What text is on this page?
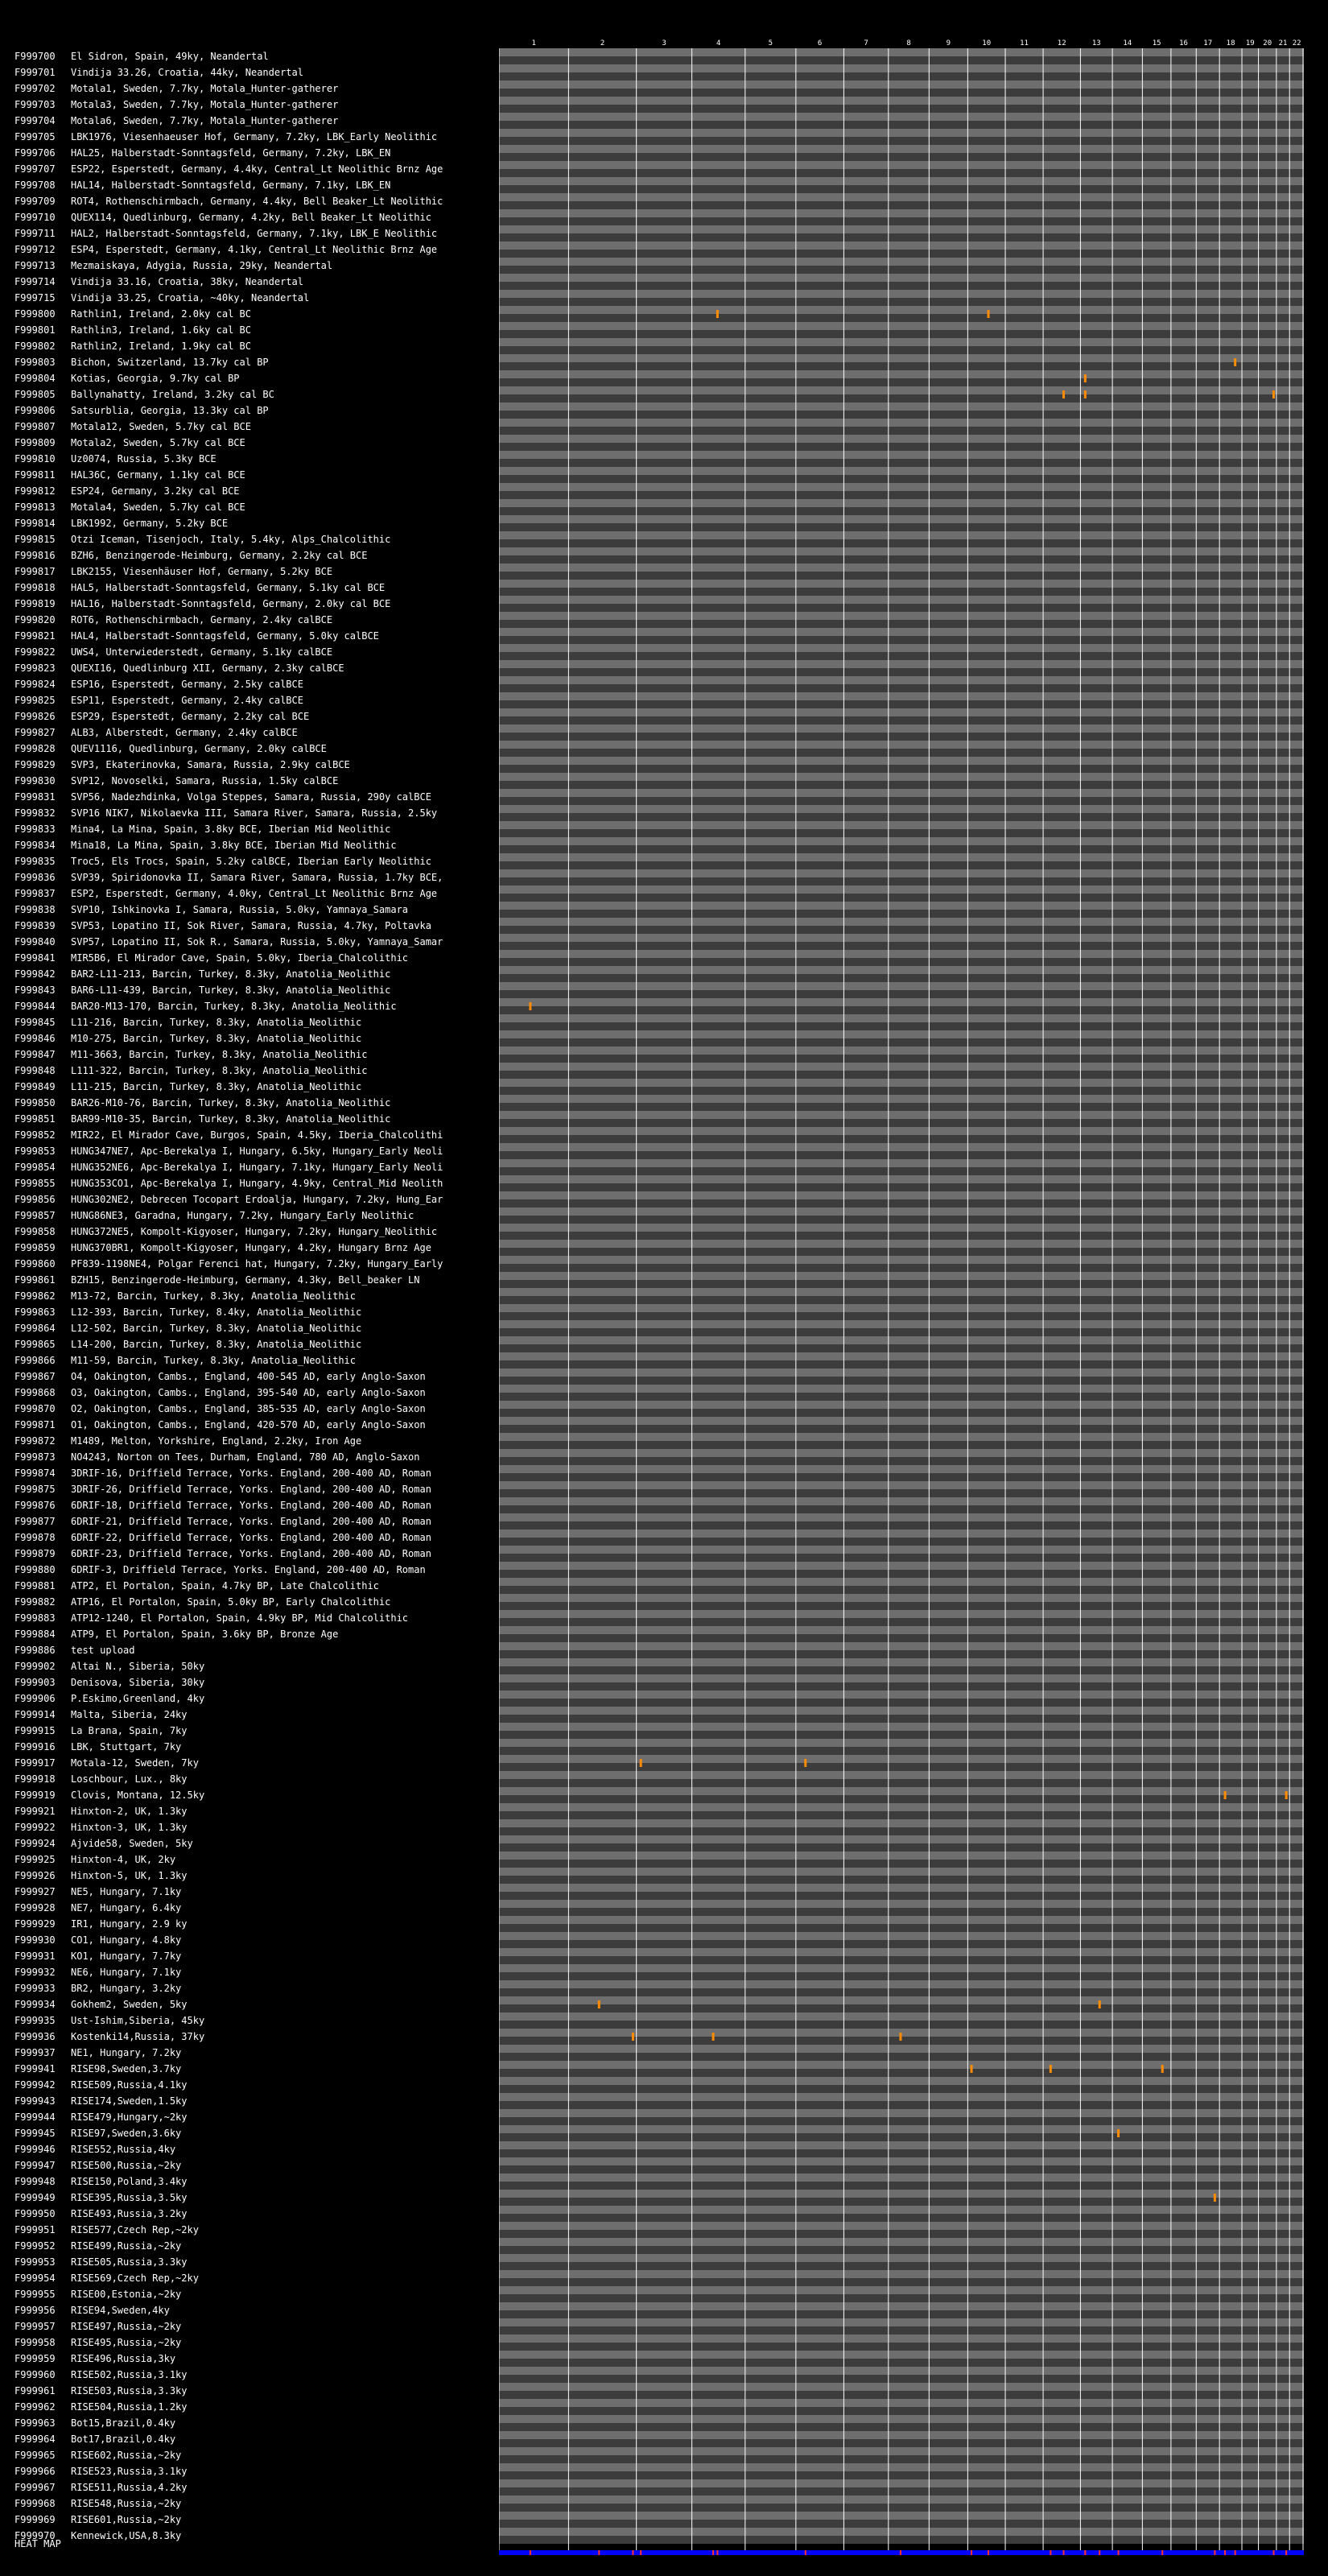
F999700 El Sidron, Spain, 49ky, Neandertal
F999701 Vindija 33.26, Croatia, 44ky, Neandertal
F999702 Motala1, Sweden, 7.7ky, Motala_Hunter-gatherer
F999703 Motala3, Sweden, 7.7ky, Motala_Hunter-gatherer
F999704 Motala6, Sweden, 7.7ky, Motala_Hunter-gatherer
F999705 LBK1976, Viesenhaeuser Hof, Germany, 7.2ky, LBK_Early Neolithic
F999706 HAL25, Halberstadt-Sonntagsfeld, Germany, 7.2ky, LBK_EN
F999707 ESP22, Esperstedt, Germany, 4.4ky, Central_Lt Neolithic Brnz Age
F999708 HAL14, Halberstadt-Sonntagsfeld, Germany, 7.1ky, LBK_EN
F999709 ROT4, Rothenschirmbach, Germany, 4.4ky, Bell Beaker_Lt Neolithic
F999710 QUEX114, Quedlinburg, Germany, 4.2ky, Bell Beaker_Lt Neolithic
F999711 HAL2, Halberstadt-Sonntagsfeld, Germany, 7.1ky, LBK_E Neolithic
F999712 ESP4, Esperstedt, Germany, 4.1ky, Central_Lt Neolithic Brnz Age
F999713 Mezmaiskaya, Adygia, Russia, 29ky, Neandertal
F999714 Vindija 33.16, Croatia, 38ky, Neandertal
F999715 Vindija 33.25, Croatia, ~40ky, Neandertal
F999800 Rathlin1, Ireland, 2.0ky cal BC
F999801 Rathlin3, Ireland, 1.6ky cal BC
F999802 Rathlin2, Ireland, 1.9ky cal BC
F999803 Bichon, Switzerland, 13.7ky cal BP
F999804 Kotias, Georgia, 9.7ky cal BP
F999805 Ballynahatty, Ireland, 3.2ky cal BC
F999806 Satsurblia, Georgia, 13.3ky cal BP
F999807 Motala12, Sweden, 5.7ky cal BCE
F999809 Motala2, Sweden, 5.7ky cal BCE
F999810 Uz0074, Russia, 5.3ky BCE
F999811 HAL36C, Germany, 1.1ky cal BCE
F999812 ESP24, Germany, 3.2ky cal BCE
F999813 Motala4, Sweden, 5.7ky cal BCE
F999814 LBK1992, Germany, 5.2ky BCE
F999815 Otzi Iceman, Tisenjoch, Italy, 5.4ky, Alps_Chalcolithic
F999816 BZH6, Benzingerode-Heimburg, Germany, 2.2ky cal BCE
F999817 LBK2155, Viesenhäuser Hof, Germany, 5.2ky BCE
F999818 HAL5, Halberstadt-Sonntagsfeld, Germany, 5.1ky cal BCE
F999819 HAL16, Halberstadt-Sonntagsfeld, Germany, 2.0ky cal BCE
F999820 ROT6, Rothenschirmbach, Germany, 2.4ky calBCE
F999821 HAL4, Halberstadt-Sonntagsfeld, Germany, 5.0ky calBCE
F999822 UWS4, Unterwiederstedt, Germany, 5.1ky calBCE
F999823 QUEXI16, Quedlinburg XII, Germany, 2.3ky calBCE
F999824 ESP16, Esperstedt, Germany, 2.5ky calBCE
F999825 ESP11, Esperstedt, Germany, 2.4ky calBCE
F999826 ESP29, Esperstedt, Germany, 2.2ky cal BCE
F999827 ALB3, Alberstedt, Germany, 2.4ky calBCE
F999828 QUEV1116, Quedlinburg, Germany, 2.0ky calBCE
F999829 SVP3, Ekaterinovka, Samara, Russia, 2.9ky calBCE
F999830 SVP12, Novoselki, Samara, Russia, 1.5ky calBCE
F999831 SVP56, Nadezhdinka, Volga Steppes, Samara, Russia, 290y calBCE
F999832 SVP16 NIK7, Nikolaevka III, Samara River, Samara, Russia, 2.5ky
F999833 Mina4, La Mina, Spain, 3.8ky BCE, Iberian Mid Neolithic
F999834 Mina18, La Mina, Spain, 3.8ky BCE, Iberian Mid Neolithic
F999835 Troc5, Els Trocs, Spain, 5.2ky calBCE, Iberian Early Neolithic
F999836 SVP39, Spiridonovka II, Samara River, Samara, Russia, 1.7ky BCE,
F999837 ESP2, Esperstedt, Germany, 4.0ky, Central_Lt Neolithic Brnz Age
F999838 SVP10, Ishkinovka I, Samara, Russia, 5.0ky, Yamnaya_Samara
F999839 SVP53, Lopatino II, Sok River, Samara, Russia, 4.7ky, Poltavka
F999840 SVP57, Lopatino II, Sok R., Samara, Russia, 5.0ky, Yamnaya_Samar
F999841 MIR5B6, El Mirador Cave, Spain, 5.0ky, Iberia_Chalcolithic
F999842 BAR2-L11-213, Barcin, Turkey, 8.3ky, Anatolia_Neolithic
F999843 BAR6-L11-439, Barcin, Turkey, 8.3ky, Anatolia_Neolithic
F999844 BAR20-M13-170, Barcin, Turkey, 8.3ky, Anatolia_Neolithic
F999845 L11-216, Barcin, Turkey, 8.3ky, Anatolia_Neolithic
F999846 M10-275, Barcin, Turkey, 8.3ky, Anatolia_Neolithic
F999847 M11-3663, Barcin, Turkey, 8.3ky, Anatolia_Neolithic
F999848 L111-322, Barcin, Turkey, 8.3ky, Anatolia_Neolithic
F999849 L11-215, Barcin, Turkey, 8.3ky, Anatolia_Neolithic
F999850 BAR26-M10-76, Barcin, Turkey, 8.3ky, Anatolia_Neolithic
F999851 BAR99-M10-35, Barcin, Turkey, 8.3ky, Anatolia_Neolithic
F999852 MIR22, El Mirador Cave, Burgos, Spain, 4.5ky, Iberia_Chalcolithi
F999853 HUNG347NE7, Apc-Berekalya I, Hungary, 6.5ky, Hungary_Early Neoli
F999854 HUNG352NE6, Apc-Berekalya I, Hungary, 7.1ky, Hungary_Early Neoli
F999855 HUNG353CO1, Apc-Berekalya I, Hungary, 4.9ky, Central_Mid Neolith
F999856 HUNG302NE2, Debrecen Tocopart Erdoalja, Hungary, 7.2ky, Hung_Ear
F999857 HUNG86NE3, Garadna, Hungary, 7.2ky, Hungary_Early Neolithic
F999858 HUNG372NE5, Kompolt-Kigyoser, Hungary, 7.2ky, Hungary_Neolithic
F999859 HUNG370BR1, Kompolt-Kigyoser, Hungary, 4.2ky, Hungary Brnz Age
F999860 PF839-1198NE4, Polgar Ferenci hat, Hungary, 7.2ky, Hungary_Early
F999861 BZH15, Benzingerode-Heimburg, Germany, 4.3ky, Bell_beaker LN
F999862 M13-72, Barcin, Turkey, 8.3ky, Anatolia_Neolithic
F999863 L12-393, Barcin, Turkey, 8.4ky, Anatolia_Neolithic
F999864 L12-502, Barcin, Turkey, 8.3ky, Anatolia_Neolithic
F999865 L14-200, Barcin, Turkey, 8.3ky, Anatolia_Neolithic
F999866 M11-59, Barcin, Turkey, 8.3ky, Anatolia_Neolithic
F999867 O4, Oakington, Cambs., England, 400-545 AD, early Anglo-Saxon
F999868 O3, Oakington, Cambs., England, 395-540 AD, early Anglo-Saxon
F999870 O2, Oakington, Cambs., England, 385-535 AD, early Anglo-Saxon
F999871 O1, Oakington, Cambs., England, 420-570 AD, early Anglo-Saxon
F999872 M1489, Melton, Yorkshire, England, 2.2ky, Iron Age
F999873 NO4243, Norton on Tees, Durham, England, 780 AD, Anglo-Saxon
F999874 3DRIF-16, Driffield Terrace, Yorks. England, 200-400 AD, Roman
F999875 3DRIF-26, Driffield Terrace, Yorks. England, 200-400 AD, Roman
F999876 6DRIF-18, Driffield Terrace, Yorks. England, 200-400 AD, Roman
F999877 6DRIF-21, Driffield Terrace, Yorks. England, 200-400 AD, Roman
F999878 6DRIF-22, Driffield Terrace, Yorks. England, 200-400 AD, Roman
F999879 6DRIF-23, Driffield Terrace, Yorks. England, 200-400 AD, Roman
F999880 6DRIF-3, Driffield Terrace, Yorks. England, 200-400 AD, Roman
F999881 ATP2, El Portalon, Spain, 4.7ky BP, Late Chalcolithic
F999882 ATP16, El Portalon, Spain, 5.0ky BP, Early Chalcolithic
F999883 ATP12-1240, El Portalon, Spain, 4.9ky BP, Mid Chalcolithic
F999884 ATP9, El Portalon, Spain, 3.6ky BP, Bronze Age
F999886 test upload
F999902 Altai N., Siberia, 50ky
F999903 Denisova, Siberia, 30ky
F999906 P.Eskimo,Greenland, 4ky
F999914 Malta, Siberia, 24ky
F999915 La Brana, Spain, 7ky
F999916 LBK, Stuttgart, 7ky
F999917 Motala-12, Sweden, 7ky
F999918 Loschbour, Lux., 8ky
F999919 Clovis, Montana, 12.5ky
F999921 Hinxton-2, UK, 1.3ky
F999922 Hinxton-3, UK, 1.3ky
F999924 Ajvide58, Sweden, 5ky
F999925 Hinxton-4, UK, 2ky
F999926 Hinxton-5, UK, 1.3ky
F999927 NE5, Hungary, 7.1ky
F999928 NE7, Hungary, 6.4ky
F999929 IR1, Hungary, 2.9 ky
F999930 CO1, Hungary, 4.8ky
F999931 KO1, Hungary, 7.7ky
F999932 NE6, Hungary, 7.1ky
F999933 BR2, Hungary, 3.2ky
F999934 Gokhem2, Sweden, 5ky
F999935 Ust-Ishim,Siberia, 45ky
F999936 Kostenki14,Russia, 37ky
F999937 NE1, Hungary, 7.2ky
F999941 RISE98,Sweden,3.7ky
F999942 RISE509,Russia,4.1ky
F999943 RISE174,Sweden,1.5ky
F999944 RISE479,Hungary,~2ky
F999945 RISE97,Sweden,3.6ky
F999946 RISE552,Russia,4ky
F999947 RISE500,Russia,~2ky
F999948 RISE150,Poland,3.4ky
F999949 RISE395,Russia,3.5ky
F999950 RISE493,Russia,3.2ky
F999951 RISE577,Czech Rep,~2ky
F999952 RISE499,Russia,~2ky
F999953 RISE505,Russia,3.3ky
F999954 RISE569,Czech Rep,~2ky
F999955 RISE00,Estonia,~2ky
F999956 RISE94,Sweden,4ky
F999957 RISE497,Russia,~2ky
F999958 RISE495,Russia,~2ky
F999959 RISE496,Russia,3ky
F999960 RISE502,Russia,3.1ky
F999961 RISE503,Russia,3.3ky
F999962 RISE504,Russia,1.2ky
F999963 Bot15,Brazil,0.4ky
F999964 Bot17,Brazil,0.4ky
F999965 RISE602,Russia,~2ky
F999966 RISE523,Russia,3.1ky
F999967 RISE511,Russia,4.2ky
F999968 RISE548,Russia,~2ky
F999969 RISE601,Russia,~2ky
F999970 Kennewick,USA,8.3ky
HEAT MAP
1	2	3	4	5	6	7	8	9	10	11	12	13	14	15	16 17 18 19 20 21 22
